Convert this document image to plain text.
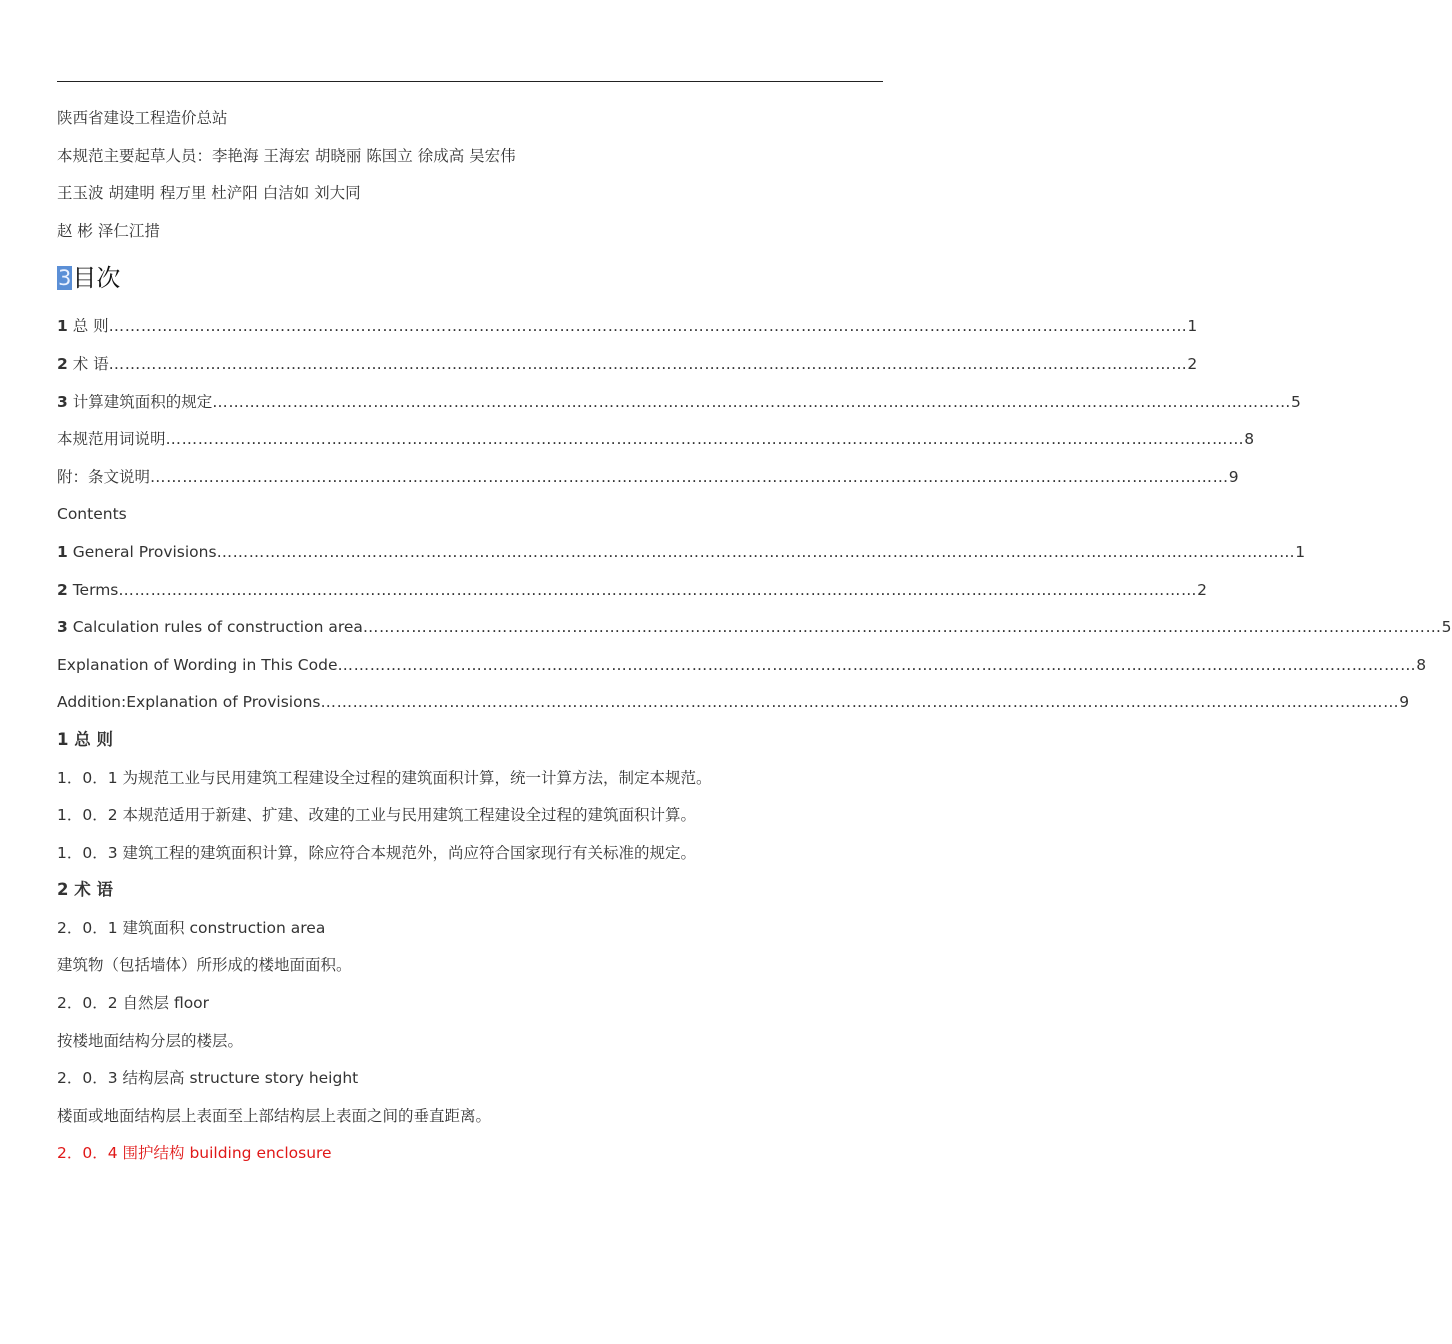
陕西省建设工程造价总站
本规范主要起草人员：李艳海 王海宏 胡晓丽 陈国立 徐成高 吴宏伟
王玉波 胡建明 程万里 杜浐阳 白洁如 刘大同
赵 彬 泽仁江措
3目次
1 总 则 ………………………………………………………………………………………………………………………………………………………………………………… 1
2 术 语 ………………………………………………………………………………………………………………………………………………………………………………… 2
3 计算建筑面积的规定 ………………………………………………………………………………………………………………………………………………………………………………… 5
本规范用词说明 ………………………………………………………………………………………………………………………………………………………………………………… 8
附：条文说明 ………………………………………………………………………………………………………………………………………………………………………………… 9
Contents
1 General Provisions ………………………………………………………………………………………………………………………………………………………………………………… 1
2 Terms ………………………………………………………………………………………………………………………………………………………………………………… 2
3 Calculation rules of construction area ………………………………………………………………………………………………………………………………………………………………………………… 5
Explanation of Wording in This Code ………………………………………………………………………………………………………………………………………………………………………………… 8
Addition:Explanation of Provisions ………………………………………………………………………………………………………………………………………………………………………………… 9
1 总 则
1．0．1 为规范工业与民用建筑工程建设全过程的建筑面积计算，统一计算方法，制定本规范。
1．0．2 本规范适用于新建、扩建、改建的工业与民用建筑工程建设全过程的建筑面积计算。
1．0．3 建筑工程的建筑面积计算，除应符合本规范外，尚应符合国家现行有关标准的规定。
2 术 语
2．0．1 建筑面积 construction area
建筑物（包括墙体）所形成的楼地面面积。
2．0．2 自然层 floor
按楼地面结构分层的楼层。
2．0．3 结构层高 structure story height
楼面或地面结构层上表面至上部结构层上表面之间的垂直距离。
2．0．4 围护结构 building enclosure
